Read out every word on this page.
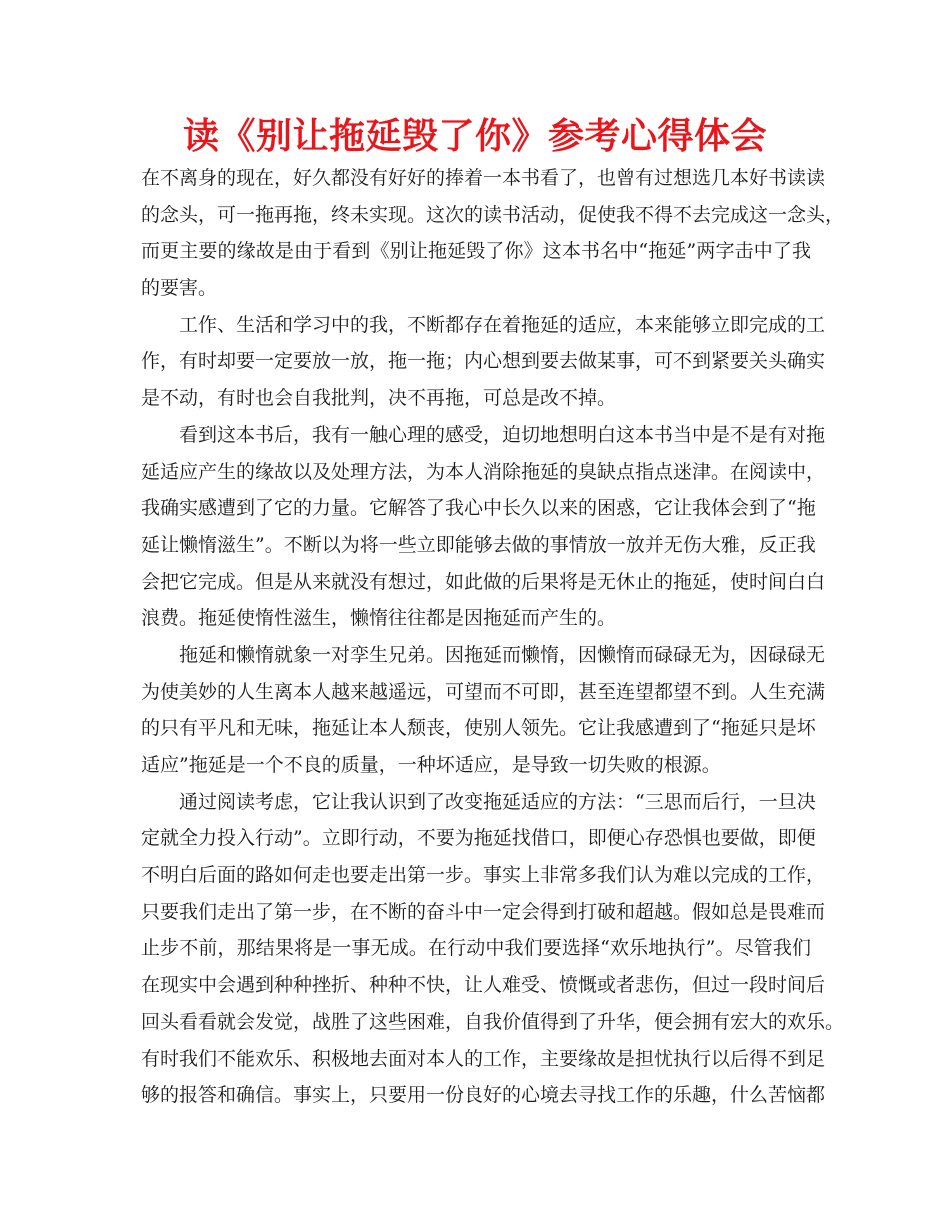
读《别让拖延毁了你》参考心得体会

在不离身的现在，好久都没有好好的捧着一本书看了，也曾有过想选几本好书读读
的念头，可一拖再拖，终未实现。这次的读书活动，促使我不得不去完成这一念头，
而更主要的缘故是由于看到《别让拖延毁了你》这本书名中“拖延”两字击中了我
的要害。

工作、生活和学习中的我，不断都存在着拖延的适应，本来能够立即完成的工
作，有时却要一定要放一放，拖一拖；内心想到要去做某事，可不到紧要关头确实
是不动，有时也会自我批判，决不再拖，可总是改不掉。

看到这本书后，我有一触心理的感受，迫切地想明白这本书当中是不是有对拖
延适应产生的缘故以及处理方法，为本人消除拖延的臭缺点指点迷津。在阅读中，
我确实感遭到了它的力量。它解答了我心中长久以来的困惑，它让我体会到了“拖
延让懒惰滋生”。不断以为将一些立即能够去做的事情放一放并无伤大雅，反正我
会把它完成。但是从来就没有想过，如此做的后果将是无休止的拖延，使时间白白
浪费。拖延使惰性滋生，懒惰往往都是因拖延而产生的。

拖延和懒惰就象一对孪生兄弟。因拖延而懒惰，因懒惰而碌碌无为，因碌碌无
为使美妙的人生离本人越来越遥远，可望而不可即，甚至连望都望不到。人生充满
的只有平凡和无味，拖延让本人颓丧，使别人领先。它让我感遭到了“拖延只是坏
适应”拖延是一个不良的质量，一种坏适应，是导致一切失败的根源。

通过阅读考虑，它让我认识到了改变拖延适应的方法：“三思而后行，一旦决
定就全力投入行动”。立即行动，不要为拖延找借口，即便心存恐惧也要做，即便
不明白后面的路如何走也要走出第一步。事实上非常多我们认为难以完成的工作，
只要我们走出了第一步，在不断的奋斗中一定会得到打破和超越。假如总是畏难而
止步不前，那结果将是一事无成。在行动中我们要选择“欢乐地执行”。尽管我们
在现实中会遇到种种挫折、种种不快，让人难受、愤慨或者悲伤，但过一段时间后
回头看看就会发觉，战胜了这些困难，自我价值得到了升华，便会拥有宏大的欢乐。
有时我们不能欢乐、积极地去面对本人的工作，主要缘故是担忧执行以后得不到足
够的报答和确信。事实上，只要用一份良好的心境去寻找工作的乐趣，什么苦恼都
